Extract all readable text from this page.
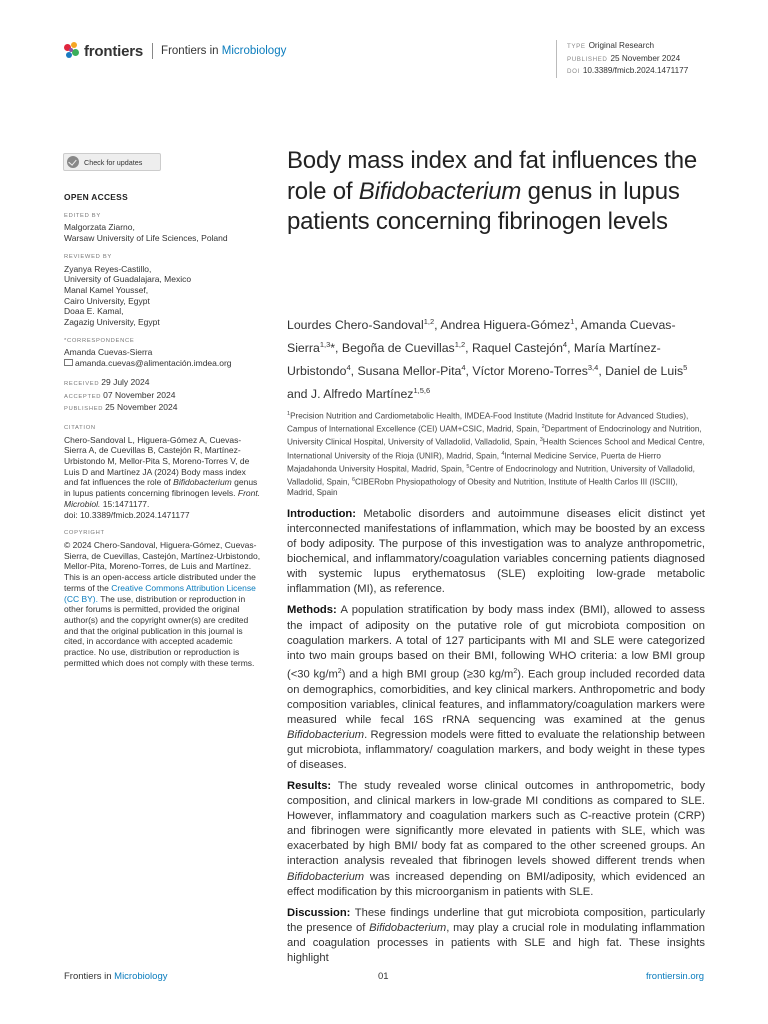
frontiers Frontiers in Microbiology	TYPE Original Research
PUBLISHED 25 November 2024
DOI 10.3389/fmicb.2024.1471177
Check for updates
OPEN ACCESS
EDITED BY
Malgorzata Ziarno,
Warsaw University of Life Sciences, Poland
REVIEWED BY
Zyanya Reyes-Castillo,
University of Guadalajara, Mexico
Manal Kamel Youssef,
Cairo University, Egypt
Doaa E. Kamal,
Zagazig University, Egypt
*CORRESPONDENCE
Amanda Cuevas-Sierra
amanda.cuevas@alimentación.imdea.org
RECEIVED 29 July 2024
ACCEPTED 07 November 2024
PUBLISHED 25 November 2024
CITATION
Chero-Sandoval L, Higuera-Gómez A, Cuevas-Sierra A, de Cuevillas B, Castejón R, Martínez-Urbistondo M, Mellor-Pita S, Moreno-Torres V, de Luis D and Martínez JA (2024) Body mass index and fat influences the role of Bifidobacterium genus in lupus patients concerning fibrinogen levels. Front. Microbiol. 15:1471177.
doi: 10.3389/fmicb.2024.1471177
COPYRIGHT
© 2024 Chero-Sandoval, Higuera-Gómez, Cuevas-Sierra, de Cuevillas, Castejón, Martínez-Urbistondo, Mellor-Pita, Moreno-Torres, de Luis and Martínez. This is an open-access article distributed under the terms of the Creative Commons Attribution License (CC BY). The use, distribution or reproduction in other forums is permitted, provided the original author(s) and the copyright owner(s) are credited and that the original publication in this journal is cited, in accordance with accepted academic practice. No use, distribution or reproduction is permitted which does not comply with these terms.
Body mass index and fat influences the role of Bifidobacterium genus in lupus patients concerning fibrinogen levels
Lourdes Chero-Sandoval$^{1,2}$, Andrea Higuera-Gómez$^1$, Amanda Cuevas-Sierra$^{1,3}$*, Begoña de Cuevillas$^{1,2}$, Raquel Castejón$^4$, María Martínez-Urbistondo$^4$, Susana Mellor-Pita$^4$, Víctor Moreno-Torres$^{3,4}$, Daniel de Luis$^5$ and J. Alfredo Martínez$^{1,5,6}$
$^1$Precision Nutrition and Cardiometabolic Health, IMDEA-Food Institute (Madrid Institute for Advanced Studies), Campus of International Excellence (CEI) UAM+CSIC, Madrid, Spain, $^2$Department of Endocrinology and Nutrition, University Clinical Hospital, University of Valladolid, Valladolid, Spain, $^3$Health Sciences School and Medical Centre, International University of the Rioja (UNIR), Madrid, Spain, $^4$Internal Medicine Service, Puerta de Hierro Majadahonda University Hospital, Madrid, Spain, $^5$Centre of Endocrinology and Nutrition, University of Valladolid, Valladolid, Spain, $^6$CIBERobn Physiopathology of Obesity and Nutrition, Institute of Health Carlos III (ISCIII), Madrid, Spain

Introduction: Metabolic disorders and autoimmune diseases elicit distinct yet interconnected manifestations of inflammation, which may be boosted by an excess of body adiposity. The purpose of this investigation was to analyze anthropometric, biochemical, and inflammatory/coagulation variables concerning patients diagnosed with systemic lupus erythematosus (SLE) exploiting low-grade metabolic inflammation (MI), as reference.

Methods: A population stratification by body mass index (BMI), allowed to assess the impact of adiposity on the putative role of gut microbiota composition on coagulation markers. A total of 127 participants with MI and SLE were categorized into two main groups based on their BMI, following WHO criteria: a low BMI group (<30 $kg/m^2$) and a high BMI group (≥30 $kg/m^2$). Each group included recorded data on demographics, comorbidities, and key clinical markers. Anthropometric and body composition variables, clinical features, and inflammatory/coagulation markers were measured while fecal 16S rRNA sequencing was examined at the genus Bifidobacterium. Regression models were fitted to evaluate the relationship between gut microbiota, inflammatory/ coagulation markers, and body weight in these types of diseases.

Results: The study revealed worse clinical outcomes in anthropometric, body composition, and clinical markers in low-grade MI conditions as compared to SLE. However, inflammatory and coagulation markers such as C-reactive protein (CRP) and fibrinogen were significantly more elevated in patients with SLE, which was exacerbated by high BMI/ body fat as compared to the other screened groups. An interaction analysis revealed that fibrinogen levels showed different trends when Bifidobacterium was increased depending on BMI/adiposity, which evidenced an effect modification by this microorganism in patients with SLE.

Discussion: These findings underline that gut microbiota composition, particularly the presence of Bifidobacterium, may play a crucial role in modulating inflammation and coagulation processes in patients with SLE and high fat. These insights highlight

Frontiers in Microbiology	01	frontiersin.org
